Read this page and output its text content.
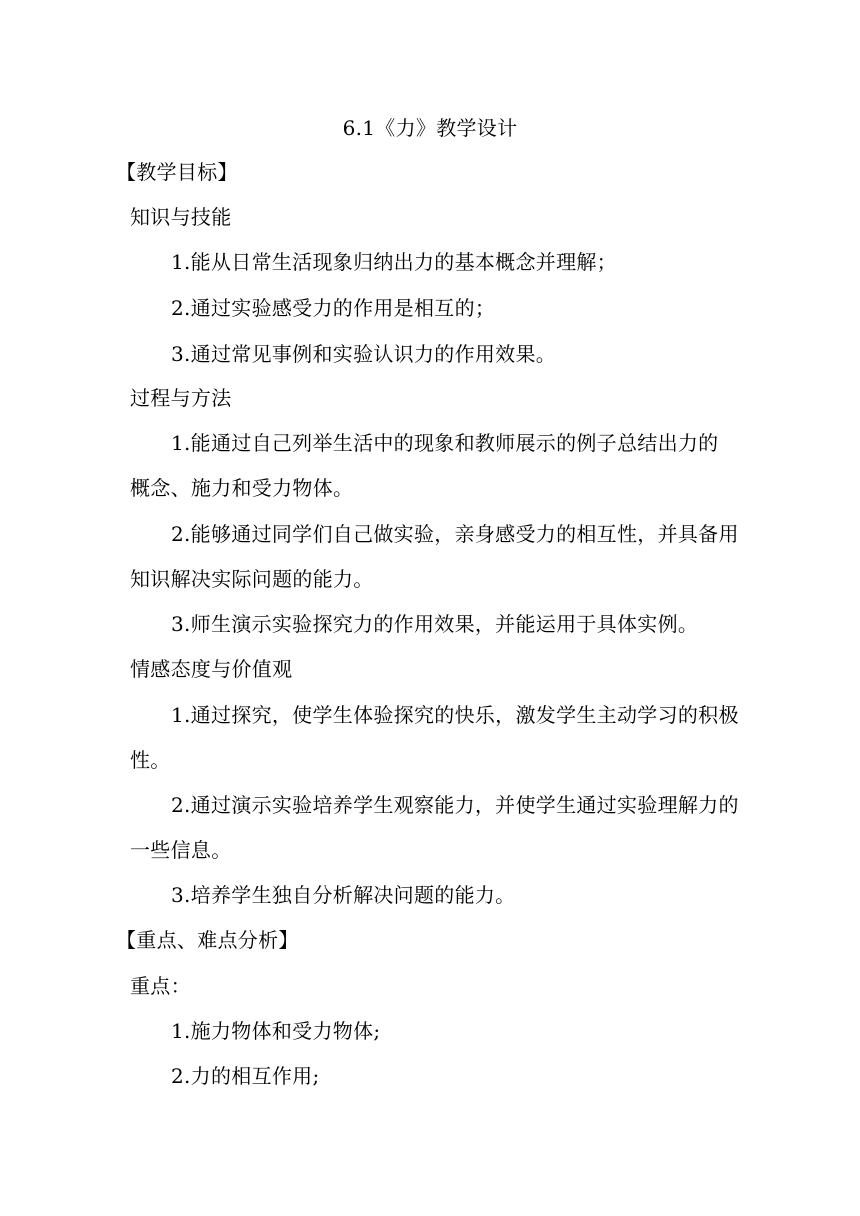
6.1《力》教学设计
【教学目标】
知识与技能
1.能从日常生活现象归纳出力的基本概念并理解；
2.通过实验感受力的作用是相互的；
3.通过常见事例和实验认识力的作用效果。
过程与方法
1.能通过自己列举生活中的现象和教师展示的例子总结出力的
概念、施力和受力物体。
2.能够通过同学们自己做实验，亲身感受力的相互性，并具备用
知识解决实际问题的能力。
3.师生演示实验探究力的作用效果，并能运用于具体实例。
情感态度与价值观
1.通过探究，使学生体验探究的快乐，激发学生主动学习的积极
性。
2.通过演示实验培养学生观察能力，并使学生通过实验理解力的
一些信息。
3.培养学生独自分析解决问题的能力。
【重点、难点分析】
重点：
1.施力物体和受力物体;
2.力的相互作用;
